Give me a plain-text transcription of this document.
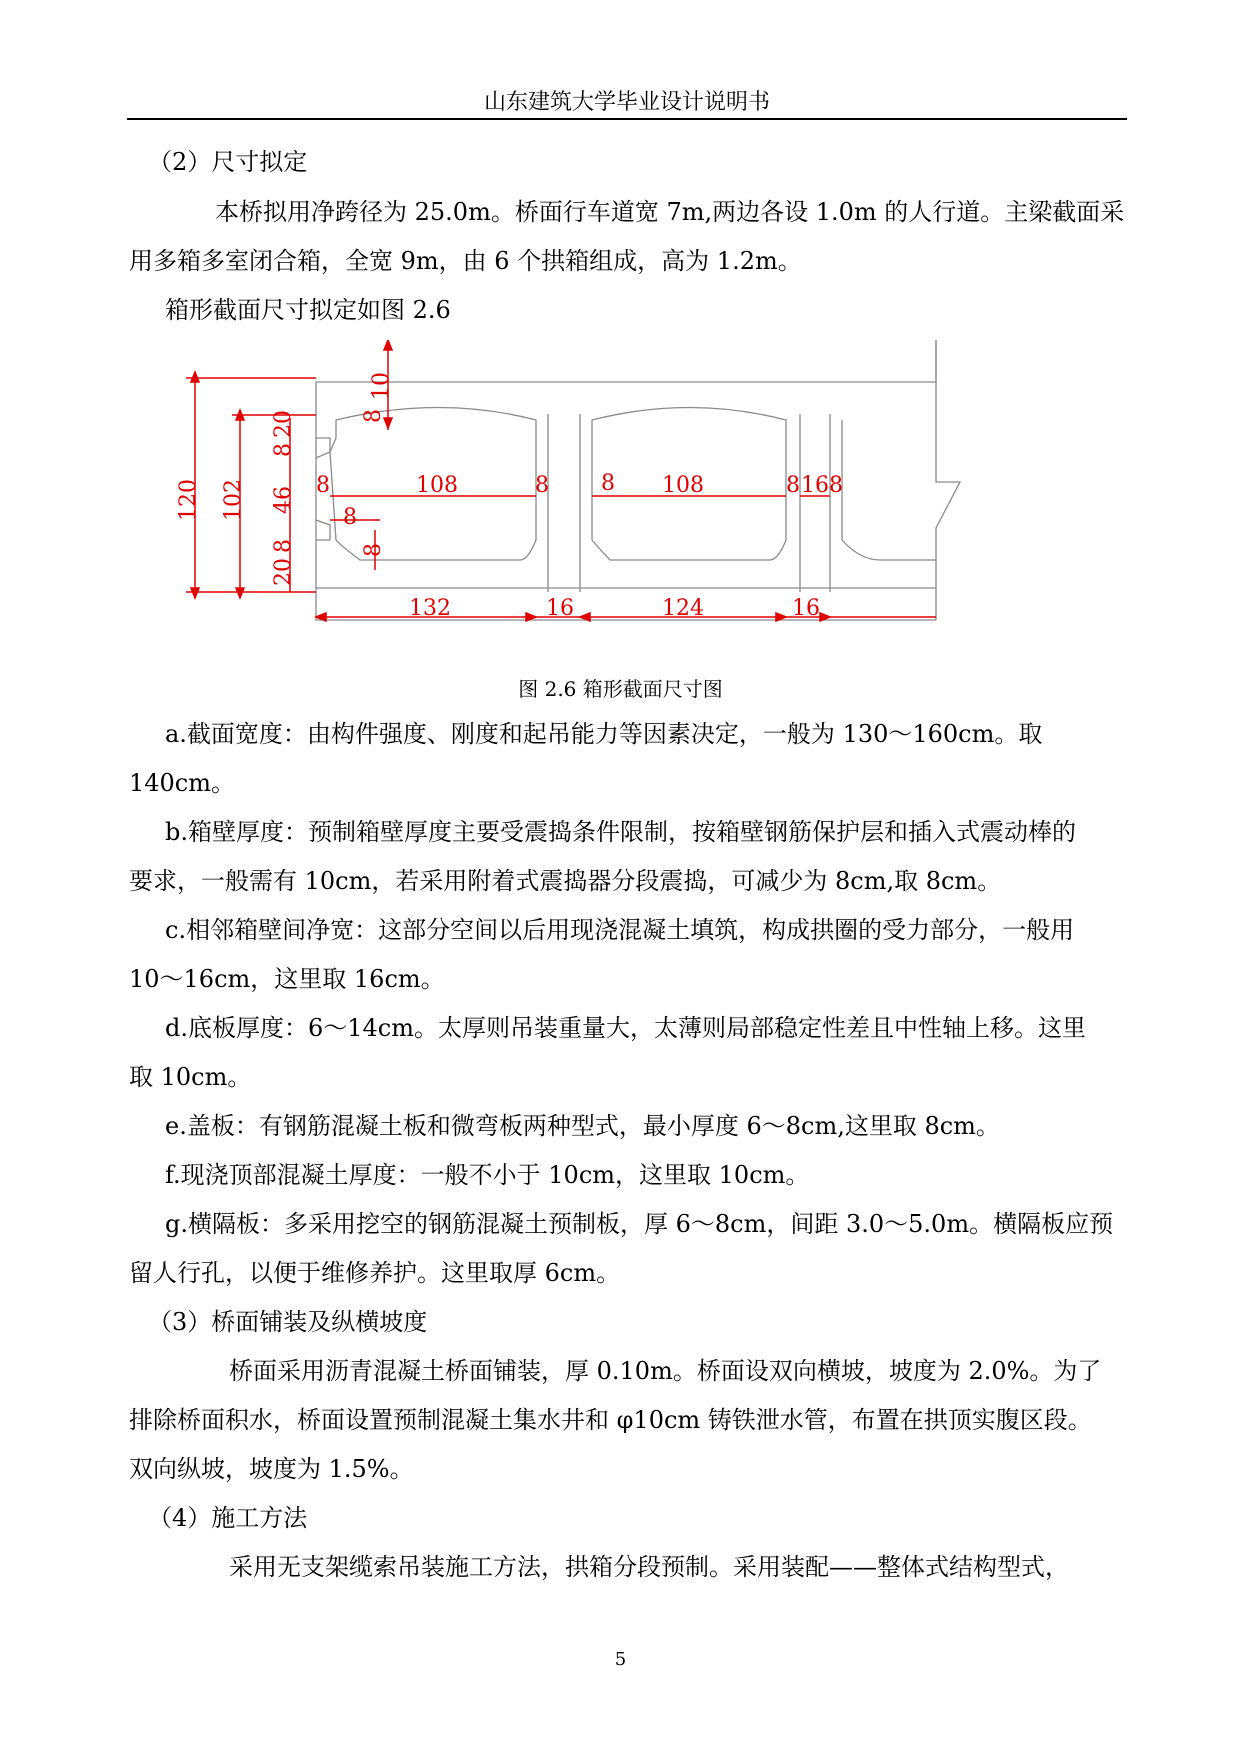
山东建筑大学毕业设计说明书
（2）尺寸拟定
本桥拟用净跨径为 25.0m。桥面行车道宽 7m,两边各设 1.0m 的人行道。主梁截面采
用多箱多室闭合箱，全宽 9m，由 6 个拱箱组成，高为 1.2m。
箱形截面尺寸拟定如图 2.6
120 102
10
8
20
8
46
8
20
8
8	108	8 8 108	8 16 8
8
132	16	124	16
图 2.6 箱形截面尺寸图
a.截面宽度：由构件强度、刚度和起吊能力等因素决定，一般为 130～160cm。取
140cm。
b.箱壁厚度：预制箱壁厚度主要受震捣条件限制，按箱壁钢筋保护层和插入式震动棒的
要求，一般需有 10cm，若采用附着式震捣器分段震捣，可减少为 8cm,取 8cm。
c.相邻箱壁间净宽：这部分空间以后用现浇混凝土填筑，构成拱圈的受力部分，一般用
10～16cm，这里取 16cm。
d.底板厚度：6～14cm。太厚则吊装重量大，太薄则局部稳定性差且中性轴上移。这里
取 10cm。
e.盖板：有钢筋混凝土板和微弯板两种型式，最小厚度 6～8cm,这里取 8cm。
f.现浇顶部混凝土厚度：一般不小于 10cm，这里取 10cm。
g.横隔板：多采用挖空的钢筋混凝土预制板，厚 6～8cm，间距 3.0～5.0m。横隔板应预
留人行孔，以便于维修养护。这里取厚 6cm。
（3）桥面铺装及纵横坡度
桥面采用沥青混凝土桥面铺装，厚 0.10m。桥面设双向横坡，坡度为 2.0%。为了
排除桥面积水，桥面设置预制混凝土集水井和 φ10cm 铸铁泄水管，布置在拱顶实腹区段。
双向纵坡，坡度为 1.5%。
（4）施工方法
采用无支架缆索吊装施工方法，拱箱分段预制。采用装配——整体式结构型式，
5
